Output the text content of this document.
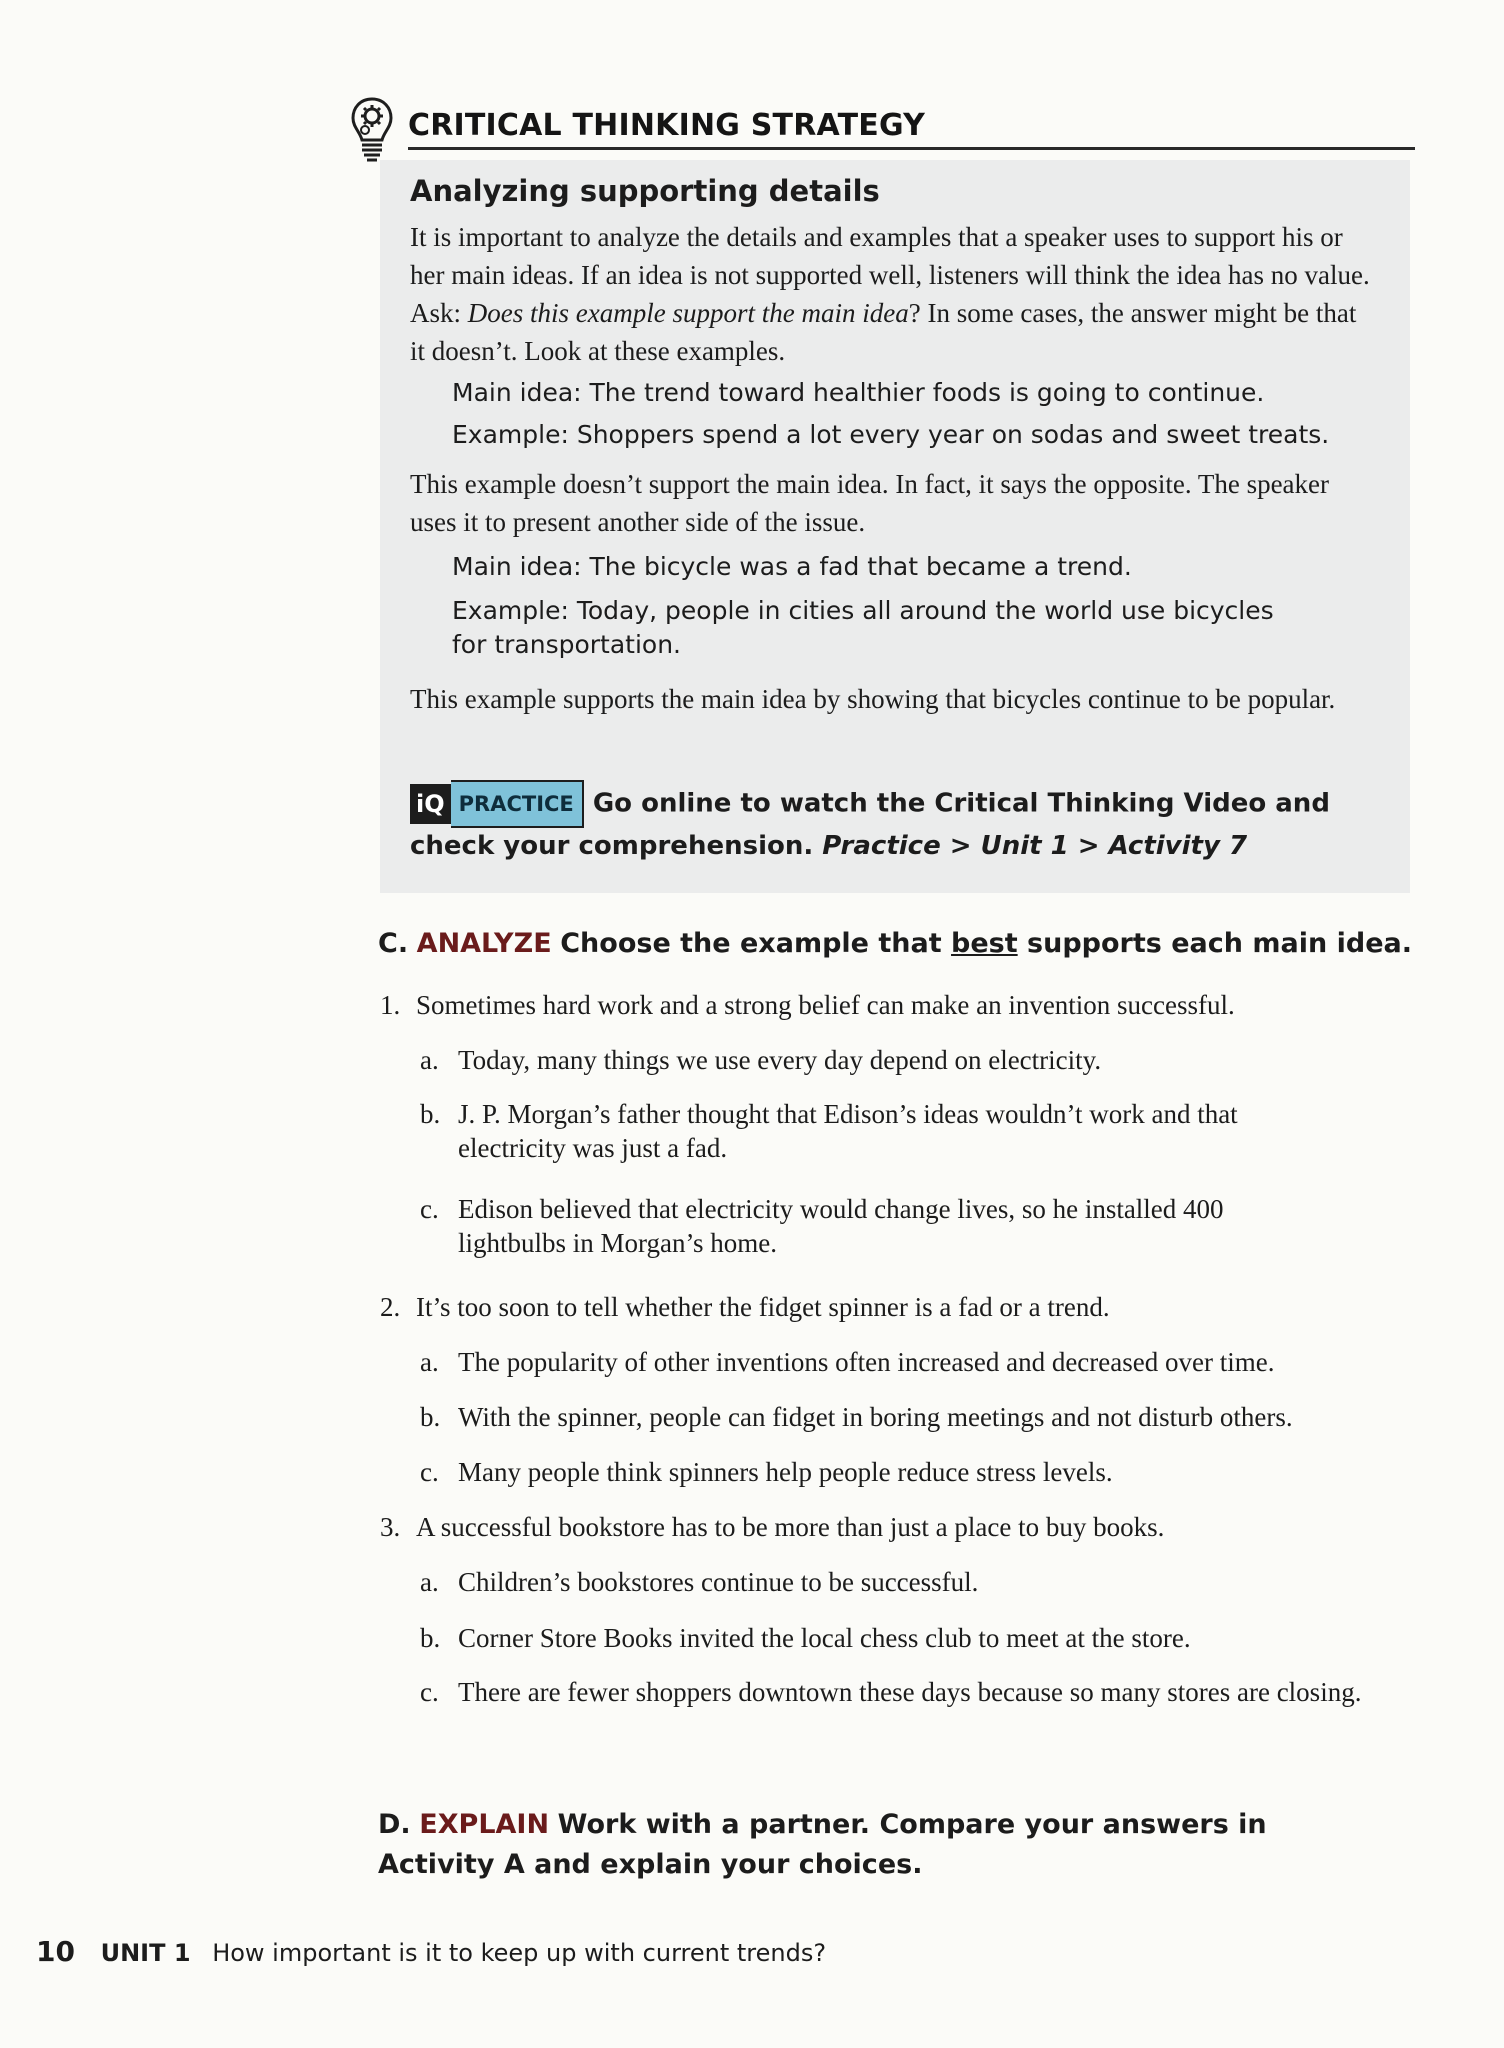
CRITICAL THINKING STRATEGY
Analyzing supporting details
It is important to analyze the details and examples that a speaker uses to support his or her main ideas. If an idea is not supported well, listeners will think the idea has no value. Ask: Does this example support the main idea? In some cases, the answer might be that it doesn’t. Look at these examples.
Main idea: The trend toward healthier foods is going to continue.
Example: Shoppers spend a lot every year on sodas and sweet treats.
This example doesn’t support the main idea. In fact, it says the opposite. The speaker uses it to present another side of the issue.
Main idea: The bicycle was a fad that became a trend.
Example: Today, people in cities all around the world use bicycles for transportation.
This example supports the main idea by showing that bicycles continue to be popular.
iQ PRACTICE Go online to watch the Critical Thinking Video and check your comprehension. Practice > Unit 1 > Activity 7
C. ANALYZE Choose the example that best supports each main idea.
1. Sometimes hard work and a strong belief can make an invention successful.
a. Today, many things we use every day depend on electricity.
b. J. P. Morgan’s father thought that Edison’s ideas wouldn’t work and that electricity was just a fad.
c. Edison believed that electricity would change lives, so he installed 400 lightbulbs in Morgan’s home.
2. It’s too soon to tell whether the fidget spinner is a fad or a trend.
a. The popularity of other inventions often increased and decreased over time.
b. With the spinner, people can fidget in boring meetings and not disturb others.
c. Many people think spinners help people reduce stress levels.
3. A successful bookstore has to be more than just a place to buy books.
a. Children’s bookstores continue to be successful.
b. Corner Store Books invited the local chess club to meet at the store.
c. There are fewer shoppers downtown these days because so many stores are closing.
D. EXPLAIN Work with a partner. Compare your answers in Activity A and explain your choices.
10 UNIT 1 How important is it to keep up with current trends?
